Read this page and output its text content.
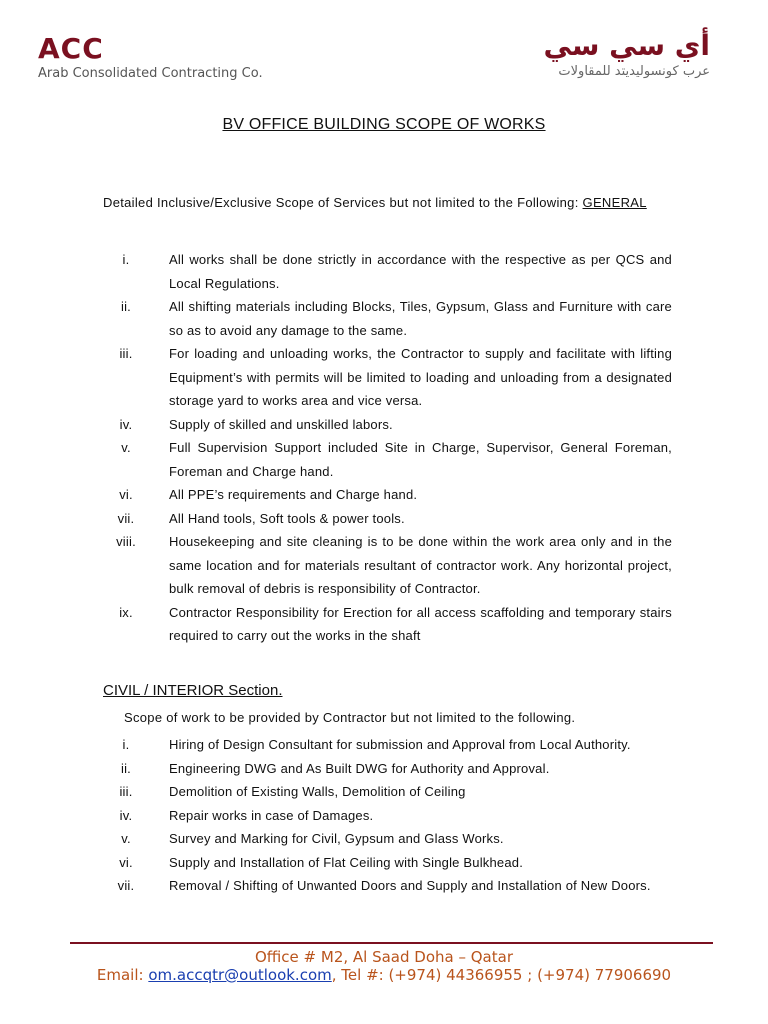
ACC
Arab Consolidated Contracting Co.
أي سي سي
عرب كونسوليديتد للمقاولات
BV OFFICE BUILDING SCOPE OF WORKS
Detailed Inclusive/Exclusive Scope of Services but not limited to the Following: GENERAL
i.	All works shall be done strictly in accordance with the respective as per QCS and Local Regulations.
ii.	All shifting materials including Blocks, Tiles, Gypsum, Glass and Furniture with care so as to avoid any damage to the same.
iii.	For loading and unloading works, the Contractor to supply and facilitate with lifting Equipment’s with permits will be limited to loading and unloading from a designated storage yard to works area and vice versa.
iv.	Supply of skilled and unskilled labors.
v.	Full Supervision Support included Site in Charge, Supervisor, General Foreman, Foreman and Charge hand.
vi.	All PPE’s requirements and Charge hand.
vii.	All Hand tools, Soft tools & power tools.
viii.	Housekeeping and site cleaning is to be done within the work area only and in the same location and for materials resultant of contractor work. Any horizontal project, bulk removal of debris is responsibility of Contractor.
ix.	Contractor Responsibility for Erection for all access scaffolding and temporary stairs required to carry out the works in the shaft
CIVIL / INTERIOR Section.
Scope of work to be provided by Contractor but not limited to the following.
i.	Hiring of Design Consultant for submission and Approval from Local Authority.
ii.	Engineering DWG and As Built DWG for Authority and Approval.
iii.	Demolition of Existing Walls, Demolition of Ceiling
iv.	Repair works in case of Damages.
v.	Survey and Marking for Civil, Gypsum and Glass Works.
vi.	Supply and Installation of Flat Ceiling with Single Bulkhead.
vii.	Removal / Shifting of Unwanted Doors and Supply and Installation of New Doors.
Office # M2, Al Saad Doha – Qatar
Email: om.accqtr@outlook.com, Tel #: (+974) 44366955 ; (+974) 77906690
